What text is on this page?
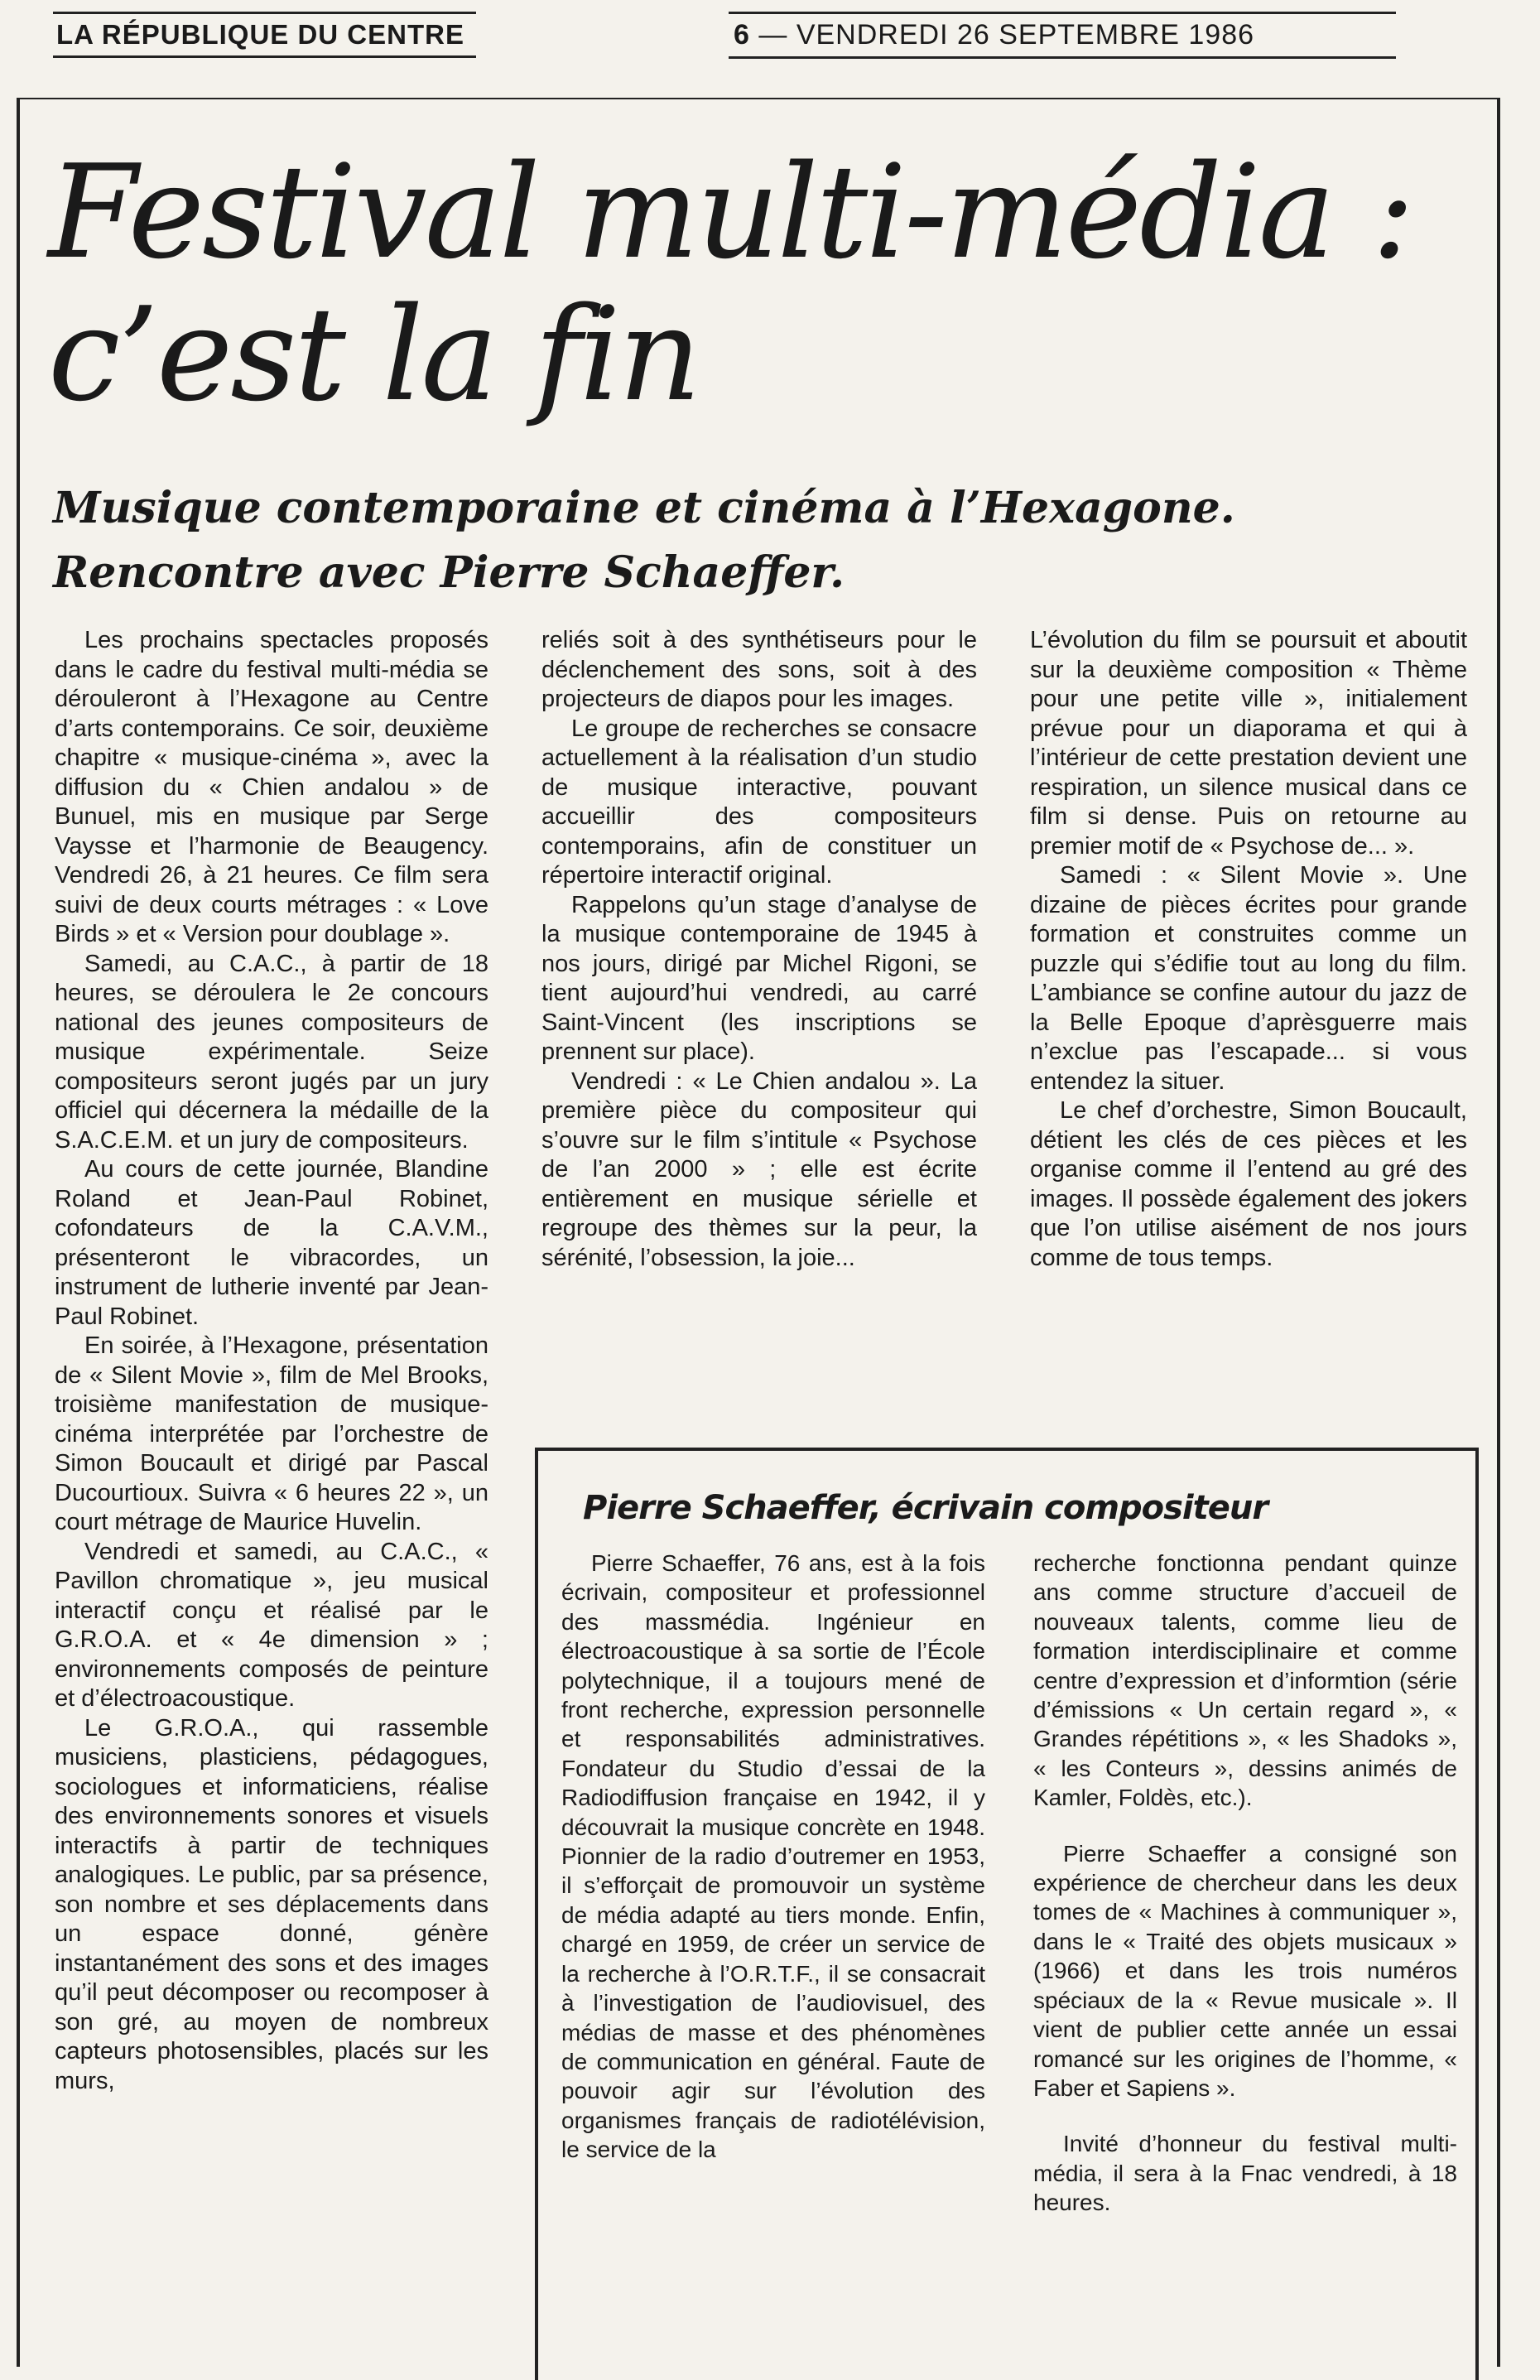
LA RÉPUBLIQUE DU CENTRE	6 — VENDREDI 26 SEPTEMBRE 1986
Festival multi-média : c’est la fin
Musique contemporaine et cinéma à l’Hexagone. Rencontre avec Pierre Schaeffer.

Les prochains spectacles proposés dans le cadre du festival multi-média se dérouleront à l’Hexagone au Centre d’arts contemporains. Ce soir, deuxième chapitre « musique-cinéma », avec la diffusion du « Chien andalou » de Bunuel, mis en musique par Serge Vaysse et l’harmonie de Beaugency. Vendredi 26, à 21 heures. Ce film sera suivi de deux courts métrages : « Love Birds » et « Version pour doublage ».

Samedi, au C.A.C., à partir de 18 heures, se déroulera le 2e concours national des jeunes compositeurs de musique expérimentale. Seize compositeurs seront jugés par un jury officiel qui décernera la médaille de la S.A.C.E.M. et un jury de compositeurs.

Au cours de cette journée, Blandine Roland et Jean-Paul Robinet, cofondateurs de la C.A.V.M., présenteront le vibracordes, un instrument de lutherie inventé par Jean-Paul Robinet.

En soirée, à l’Hexagone, présentation de « Silent Movie », film de Mel Brooks, troisième manifestation de musique-cinéma interprétée par l’orchestre de Simon Boucault et dirigé par Pascal Ducourtioux. Suivra « 6 heures 22 », un court métrage de Maurice Huvelin.

Vendredi et samedi, au C.A.C., « Pavillon chromatique », jeu musical interactif conçu et réalisé par le G.R.O.A. et « 4e dimension » ; environnements composés de peinture et d’électroacoustique.

Le G.R.O.A., qui rassemble musiciens, plasticiens, pédagogues, sociologues et informaticiens, réalise des environnements sonores et visuels interactifs à partir de techniques analogiques. Le public, par sa présence, son nombre et ses déplacements dans un espace donné, génère instantanément des sons et des images qu’il peut décomposer ou recomposer à son gré, au moyen de nombreux capteurs photosensibles, placés sur les murs,

reliés soit à des synthétiseurs pour le déclenchement des sons, soit à des projecteurs de diapos pour les images.

Le groupe de recherches se consacre actuellement à la réalisation d’un studio de musique interactive, pouvant accueillir des compositeurs contemporains, afin de constituer un répertoire interactif original.

Rappelons qu’un stage d’analyse de la musique contemporaine de 1945 à nos jours, dirigé par Michel Rigoni, se tient aujourd’hui vendredi, au carré Saint-Vincent (les inscriptions se prennent sur place).

Vendredi : « Le Chien andalou ». La première pièce du compositeur qui s’ouvre sur le film s’intitule « Psychose de l’an 2000 » ; elle est écrite entièrement en musique sérielle et regroupe des thèmes sur la peur, la sérénité, l’obsession, la joie...

L’évolution du film se poursuit et aboutit sur la deuxième composition « Thème pour une petite ville », initialement prévue pour un diaporama et qui à l’intérieur de cette prestation devient une respiration, un silence musical dans ce film si dense. Puis on retourne au premier motif de « Psychose de... ».

Samedi : « Silent Movie ». Une dizaine de pièces écrites pour grande formation et construites comme un puzzle qui s’édifie tout au long du film. L’ambiance se confine autour du jazz de la Belle Epoque d’aprèsguerre mais n’exclue pas l’escapade... si vous entendez la situer.

Le chef d’orchestre, Simon Boucault, détient les clés de ces pièces et les organise comme il l’entend au gré des images. Il possède également des jokers que l’on utilise aisément de nos jours comme de tous temps.

Pierre Schaeffer, écrivain compositeur

Pierre Schaeffer, 76 ans, est à la fois écrivain, compositeur et professionnel des massmédia. Ingénieur en électroacoustique à sa sortie de l’École polytechnique, il a toujours mené de front recherche, expression personnelle et responsabilités administratives. Fondateur du Studio d’essai de la Radiodiffusion française en 1942, il y découvrait la musique concrète en 1948. Pionnier de la radio d’outremer en 1953, il s’efforçait de promouvoir un système de média adapté au tiers monde. Enfin, chargé en 1959, de créer un service de la recherche à l’O.R.T.F., il se consacrait à l’investigation de l’audiovisuel, des médias de masse et des phénomènes de communication en général. Faute de pouvoir agir sur l’évolution des organismes français de radiotélévision, le service de la

recherche fonctionna pendant quinze ans comme structure d’accueil de nouveaux talents, comme lieu de formation interdisciplinaire et comme centre d’expression et d’informtion (série d’émissions « Un certain regard », « Grandes répétitions », « les Shadoks », « les Conteurs », dessins animés de Kamler, Foldès, etc.).

Pierre Schaeffer a consigné son expérience de chercheur dans les deux tomes de « Machines à communiquer », dans le « Traité des objets musicaux » (1966) et dans les trois numéros spéciaux de la « Revue musicale ». Il vient de publier cette année un essai romancé sur les origines de l’homme, « Faber et Sapiens ».

Invité d’honneur du festival multi-média, il sera à la Fnac vendredi, à 18 heures.
